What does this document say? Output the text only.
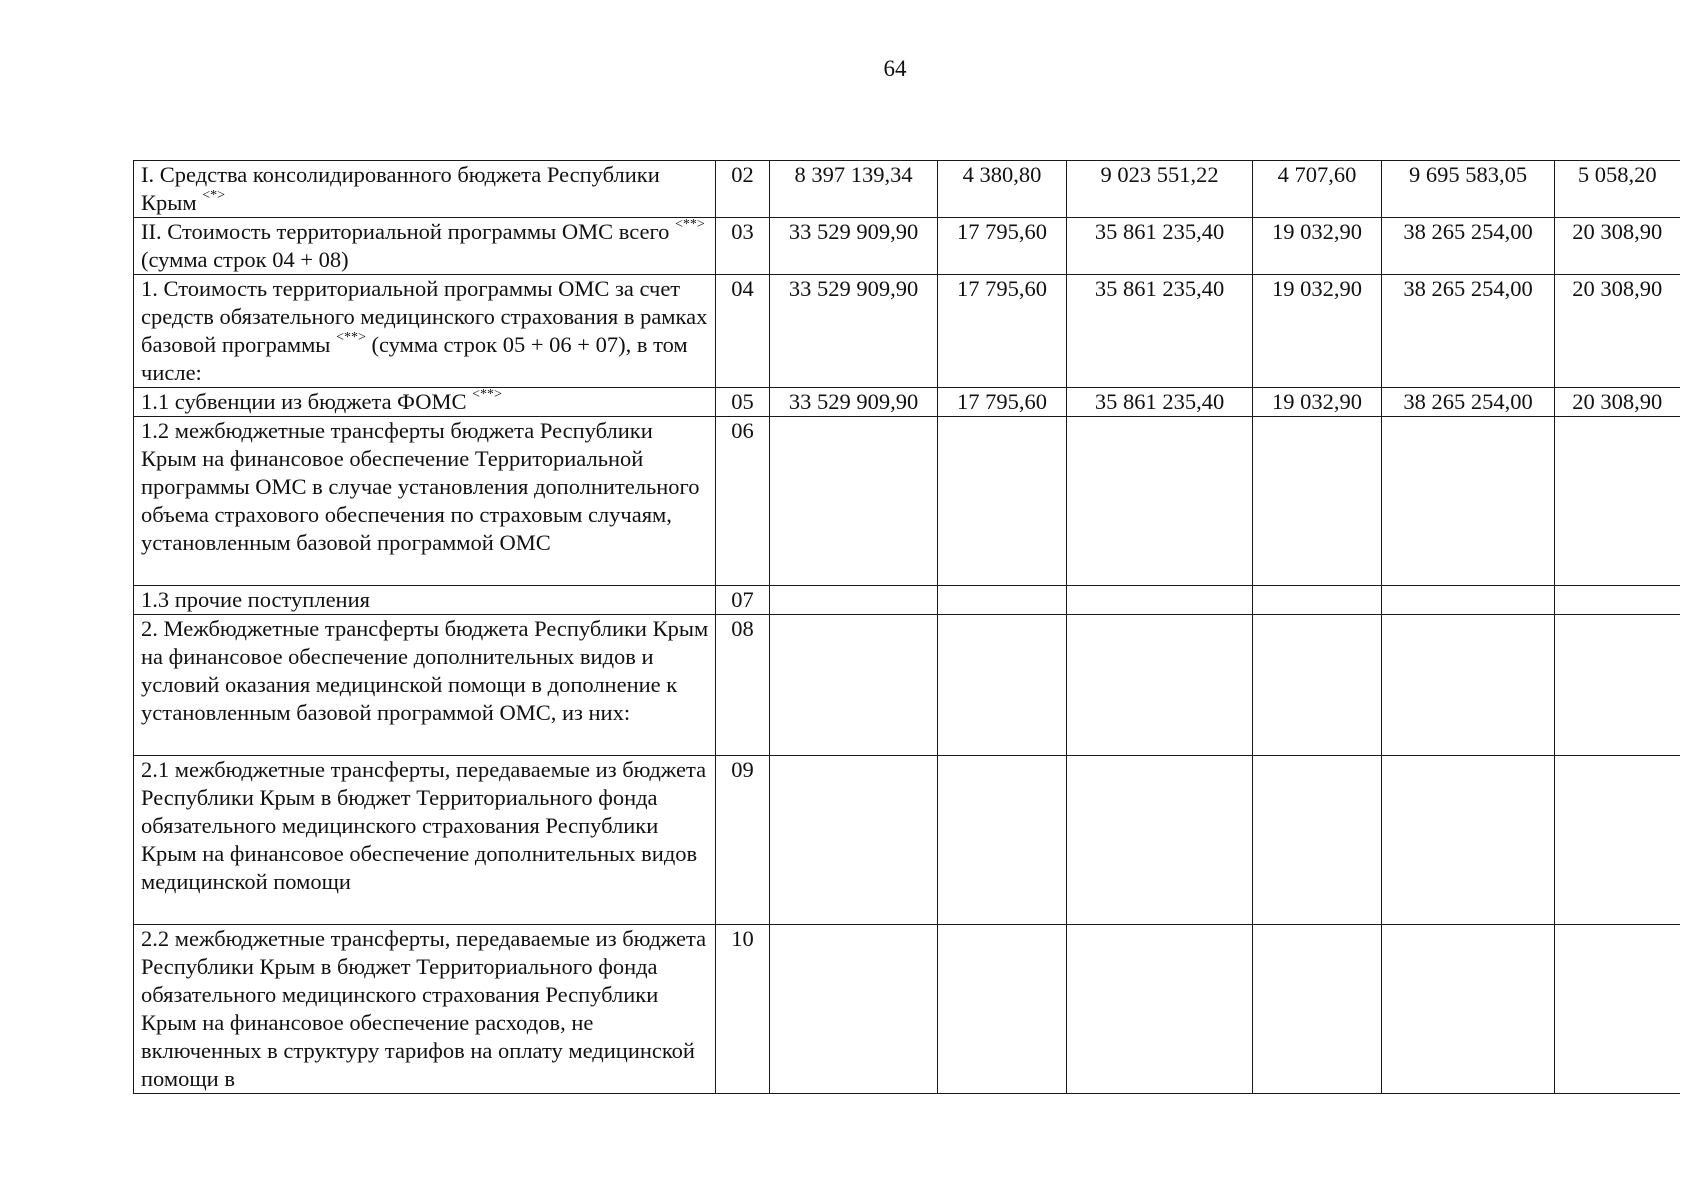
64
I. Средства консолидированного бюджета Республики Крым <*>	02	8 397 139,34	4 380,80	9 023 551,22	4 707,60	9 695 583,05	5 058,20
II. Стоимость территориальной программы ОМС всего <**> (сумма строк 04 + 08)	03	33 529 909,90	17 795,60	35 861 235,40	19 032,90	38 265 254,00	20 308,90
1. Стоимость территориальной программы ОМС за счет средств обязательного медицинского страхования в рамках базовой программы <**> (сумма строк 05 + 06 + 07), в том числе:	04	33 529 909,90	17 795,60	35 861 235,40	19 032,90	38 265 254,00	20 308,90
1.1 субвенции из бюджета ФОМС <**>	05	33 529 909,90	17 795,60	35 861 235,40	19 032,90	38 265 254,00	20 308,90
1.2 межбюджетные трансферты бюджета Республики Крым на финансовое обеспечение Территориальной программы ОМС в случае установления дополнительного объема страхового обеспечения по страховым случаям, установленным базовой программой ОМС	06						
1.3 прочие поступления	07						
2. Межбюджетные трансферты бюджета Республики Крым на финансовое обеспечение дополнительных видов и условий оказания медицинской помощи в дополнение к установленным базовой программой ОМС, из них:	08						
2.1 межбюджетные трансферты, передаваемые из бюджета Республики Крым в бюджет Территориального фонда обязательного медицинского страхования Республики Крым на финансовое обеспечение дополнительных видов медицинской помощи	09						
2.2 межбюджетные трансферты, передаваемые из бюджета Республики Крым в бюджет Территориального фонда обязательного медицинского страхования Республики Крым на финансовое обеспечение расходов, не включенных в структуру тарифов на оплату медицинской помощи в	10						
